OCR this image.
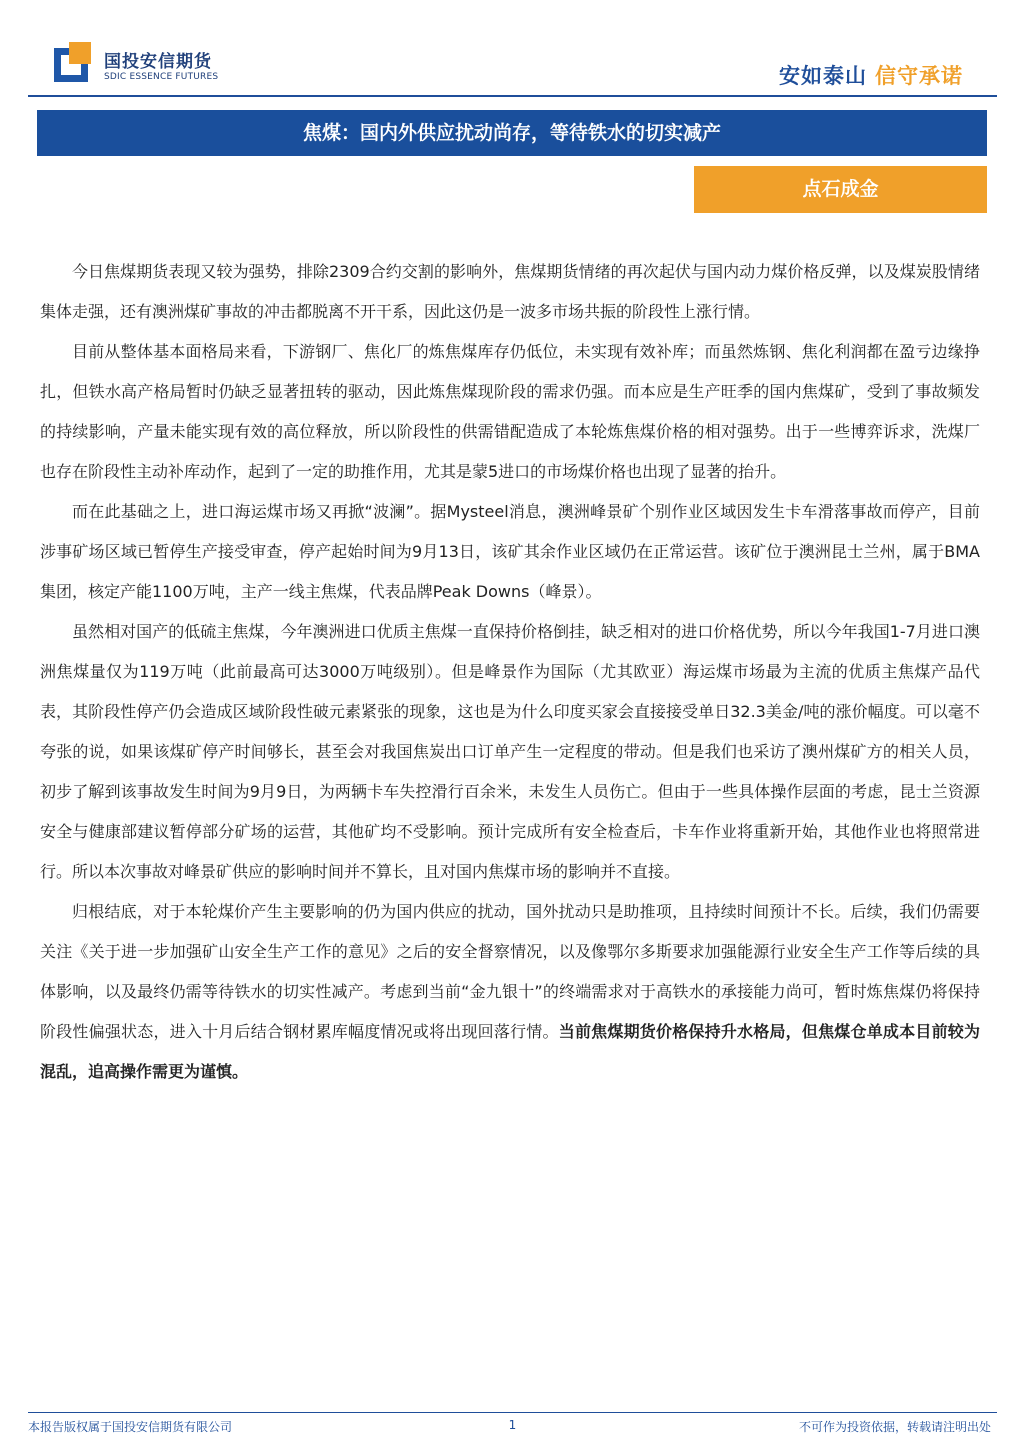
国投安信期货
SDIC ESSENCE FUTURES	安如泰山 信守承诺
焦煤：国内外供应扰动尚存，等待铁水的切实减产
点石成金

今日焦煤期货表现又较为强势，排除2309合约交割的影响外，焦煤期货情绪的再次起伏与国内动力煤价格反弹，以及煤炭股情绪集体走强，还有澳洲煤矿事故的冲击都脱离不开干系，因此这仍是一波多市场共振的阶段性上涨行情。

目前从整体基本面格局来看，下游钢厂、焦化厂的炼焦煤库存仍低位，未实现有效补库；而虽然炼钢、焦化利润都在盈亏边缘挣扎，但铁水高产格局暂时仍缺乏显著扭转的驱动，因此炼焦煤现阶段的需求仍强。而本应是生产旺季的国内焦煤矿，受到了事故频发的持续影响，产量未能实现有效的高位释放，所以阶段性的供需错配造成了本轮炼焦煤价格的相对强势。出于一些博弈诉求，洗煤厂也存在阶段性主动补库动作，起到了一定的助推作用，尤其是蒙5进口的市场煤价格也出现了显著的抬升。

而在此基础之上，进口海运煤市场又再掀“波澜”。据Mysteel消息，澳洲峰景矿个别作业区域因发生卡车滑落事故而停产，目前涉事矿场区域已暂停生产接受审查，停产起始时间为9月13日，该矿其余作业区域仍在正常运营。该矿位于澳洲昆士兰州，属于BMA集团，核定产能1100万吨，主产一线主焦煤，代表品牌Peak Downs（峰景）。

虽然相对国产的低硫主焦煤，今年澳洲进口优质主焦煤一直保持价格倒挂，缺乏相对的进口价格优势，所以今年我国1-7月进口澳洲焦煤量仅为119万吨（此前最高可达3000万吨级别）。但是峰景作为国际（尤其欧亚）海运煤市场最为主流的优质主焦煤产品代表，其阶段性停产仍会造成区域阶段性破元素紧张的现象，这也是为什么印度买家会直接接受单日32.3美金/吨的涨价幅度。可以毫不夸张的说，如果该煤矿停产时间够长，甚至会对我国焦炭出口订单产生一定程度的带动。但是我们也采访了澳州煤矿方的相关人员，初步了解到该事故发生时间为9月9日，为两辆卡车失控滑行百余米，未发生人员伤亡。但由于一些具体操作层面的考虑，昆士兰资源安全与健康部建议暂停部分矿场的运营，其他矿均不受影响。预计完成所有安全检查后，卡车作业将重新开始，其他作业也将照常进行。所以本次事故对峰景矿供应的影响时间并不算长，且对国内焦煤市场的影响并不直接。

归根结底，对于本轮煤价产生主要影响的仍为国内供应的扰动，国外扰动只是助推项，且持续时间预计不长。后续，我们仍需要关注《关于进一步加强矿山安全生产工作的意见》之后的安全督察情况，以及像鄂尔多斯要求加强能源行业安全生产工作等后续的具体影响，以及最终仍需等待铁水的切实性减产。考虑到当前“金九银十”的终端需求对于高铁水的承接能力尚可，暂时炼焦煤仍将保持阶段性偏强状态，进入十月后结合钢材累库幅度情况或将出现回落行情。当前焦煤期货价格保持升水格局，但焦煤仓单成本目前较为混乱，追高操作需更为谨慎。

本报告版权属于国投安信期货有限公司	1	不可作为投资依据，转载请注明出处
